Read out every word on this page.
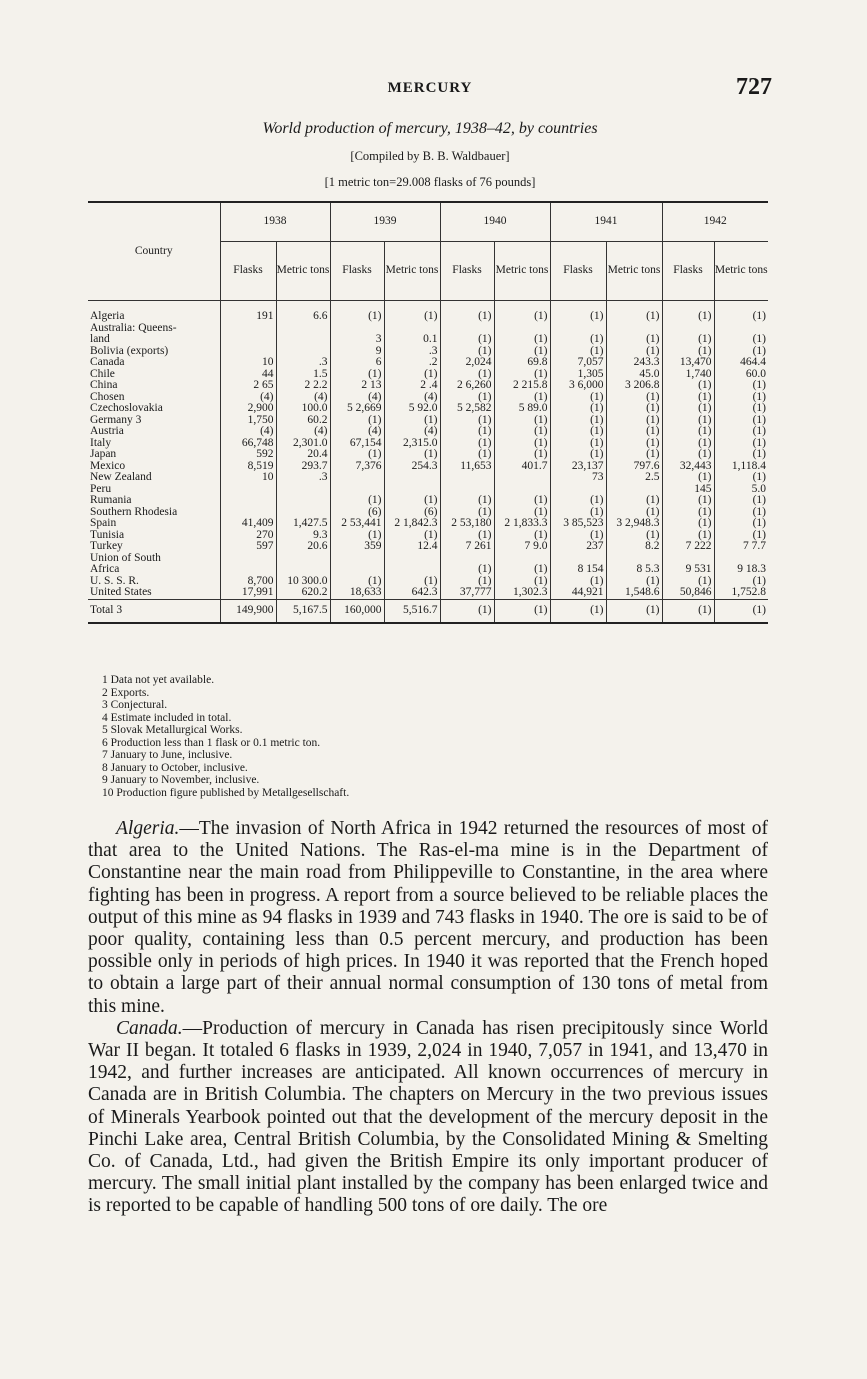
MERCURY	727
World production of mercury, 1938–42, by countries
[Compiled by B. B. Waldbauer]
[1 metric ton=29.008 flasks of 76 pounds]
Country	1938		1939		1940		1941		1942	
	Flasks	Metric tons	Flasks	Metric tons	Flasks	Metric tons	Flasks	Metric tons	Flasks	Metric tons

Algeria	191	6.6	(1)	(1)	(1)	(1)	(1)	(1)	(1)	(1)
Australia: Queens-										
land			3	0.1	(1)	(1)	(1)	(1)	(1)	(1)
Bolivia (exports)			9	.3	(1)	(1)	(1)	(1)	(1)	(1)
Canada	10	.3	6	.2	2,024	69.8	7,057	243.3	13,470	464.4
Chile	44	1.5	(1)	(1)	(1)	(1)	1,305	45.0	1,740	60.0
China	2 65	2 2.2	2 13	2 .4	2 6,260	2 215.8	3 6,000	3 206.8	(1)	(1)
Chosen	(4)	(4)	(4)	(4)	(1)	(1)	(1)	(1)	(1)	(1)
Czechoslovakia	2,900	100.0	5 2,669	5 92.0	5 2,582	5 89.0	(1)	(1)	(1)	(1)
Germany 3	1,750	60.2	(1)	(1)	(1)	(1)	(1)	(1)	(1)	(1)
Austria	(4)	(4)	(4)	(4)	(1)	(1)	(1)	(1)	(1)	(1)
Italy	66,748	2,301.0	67,154	2,315.0	(1)	(1)	(1)	(1)	(1)	(1)
Japan	592	20.4	(1)	(1)	(1)	(1)	(1)	(1)	(1)	(1)
Mexico	8,519	293.7	7,376	254.3	11,653	401.7	23,137	797.6	32,443	1,118.4
New Zealand	10	.3					73	2.5	(1)	(1)
Peru									145	5.0
Rumania			(1)	(1)	(1)	(1)	(1)	(1)	(1)	(1)
Southern Rhodesia			(6)	(6)	(1)	(1)	(1)	(1)	(1)	(1)
Spain	41,409	1,427.5	2 53,441	2 1,842.3	2 53,180	2 1,833.3	3 85,523	3 2,948.3	(1)	(1)
Tunisia	270	9.3	(1)	(1)	(1)	(1)	(1)	(1)	(1)	(1)
Turkey	597	20.6	359	12.4	7 261	7 9.0	237	8.2	7 222	7 7.7
Union of South										
Africa					(1)	(1)	8 154	8 5.3	9 531	9 18.3
U. S. S. R.	8,700	10 300.0	(1)	(1)	(1)	(1)	(1)	(1)	(1)	(1)
United States	17,991	620.2	18,633	642.3	37,777	1,302.3	44,921	1,548.6	50,846	1,752.8
Total 3	149,900	5,167.5	160,000	5,516.7	(1)	(1)	(1)	(1)	(1)	(1)
1 Data not yet available.
2 Exports.
3 Conjectural.
4 Estimate included in total.
5 Slovak Metallurgical Works.
6 Production less than 1 flask or 0.1 metric ton.
7 January to June, inclusive.
8 January to October, inclusive.
9 January to November, inclusive.
10 Production figure published by Metallgesellschaft.

Algeria.—The invasion of North Africa in 1942 returned the resources of most of that area to the United Nations. The Ras-el-ma mine is in the Department of Constantine near the main road from Philippeville to Constantine, in the area where fighting has been in progress. A report from a source believed to be reliable places the output of this mine as 94 flasks in 1939 and 743 flasks in 1940. The ore is said to be of poor quality, containing less than 0.5 percent mercury, and production has been possible only in periods of high prices. In 1940 it was reported that the French hoped to obtain a large part of their annual normal consumption of 130 tons of metal from this mine.

Canada.—Production of mercury in Canada has risen precipitously since World War II began. It totaled 6 flasks in 1939, 2,024 in 1940, 7,057 in 1941, and 13,470 in 1942, and further increases are anticipated. All known occurrences of mercury in Canada are in British Columbia. The chapters on Mercury in the two previous issues of Minerals Yearbook pointed out that the development of the mercury deposit in the Pinchi Lake area, Central British Columbia, by the Consolidated Mining & Smelting Co. of Canada, Ltd., had given the British Empire its only important producer of mercury. The small initial plant installed by the company has been enlarged twice and is reported to be capable of handling 500 tons of ore daily. The ore
